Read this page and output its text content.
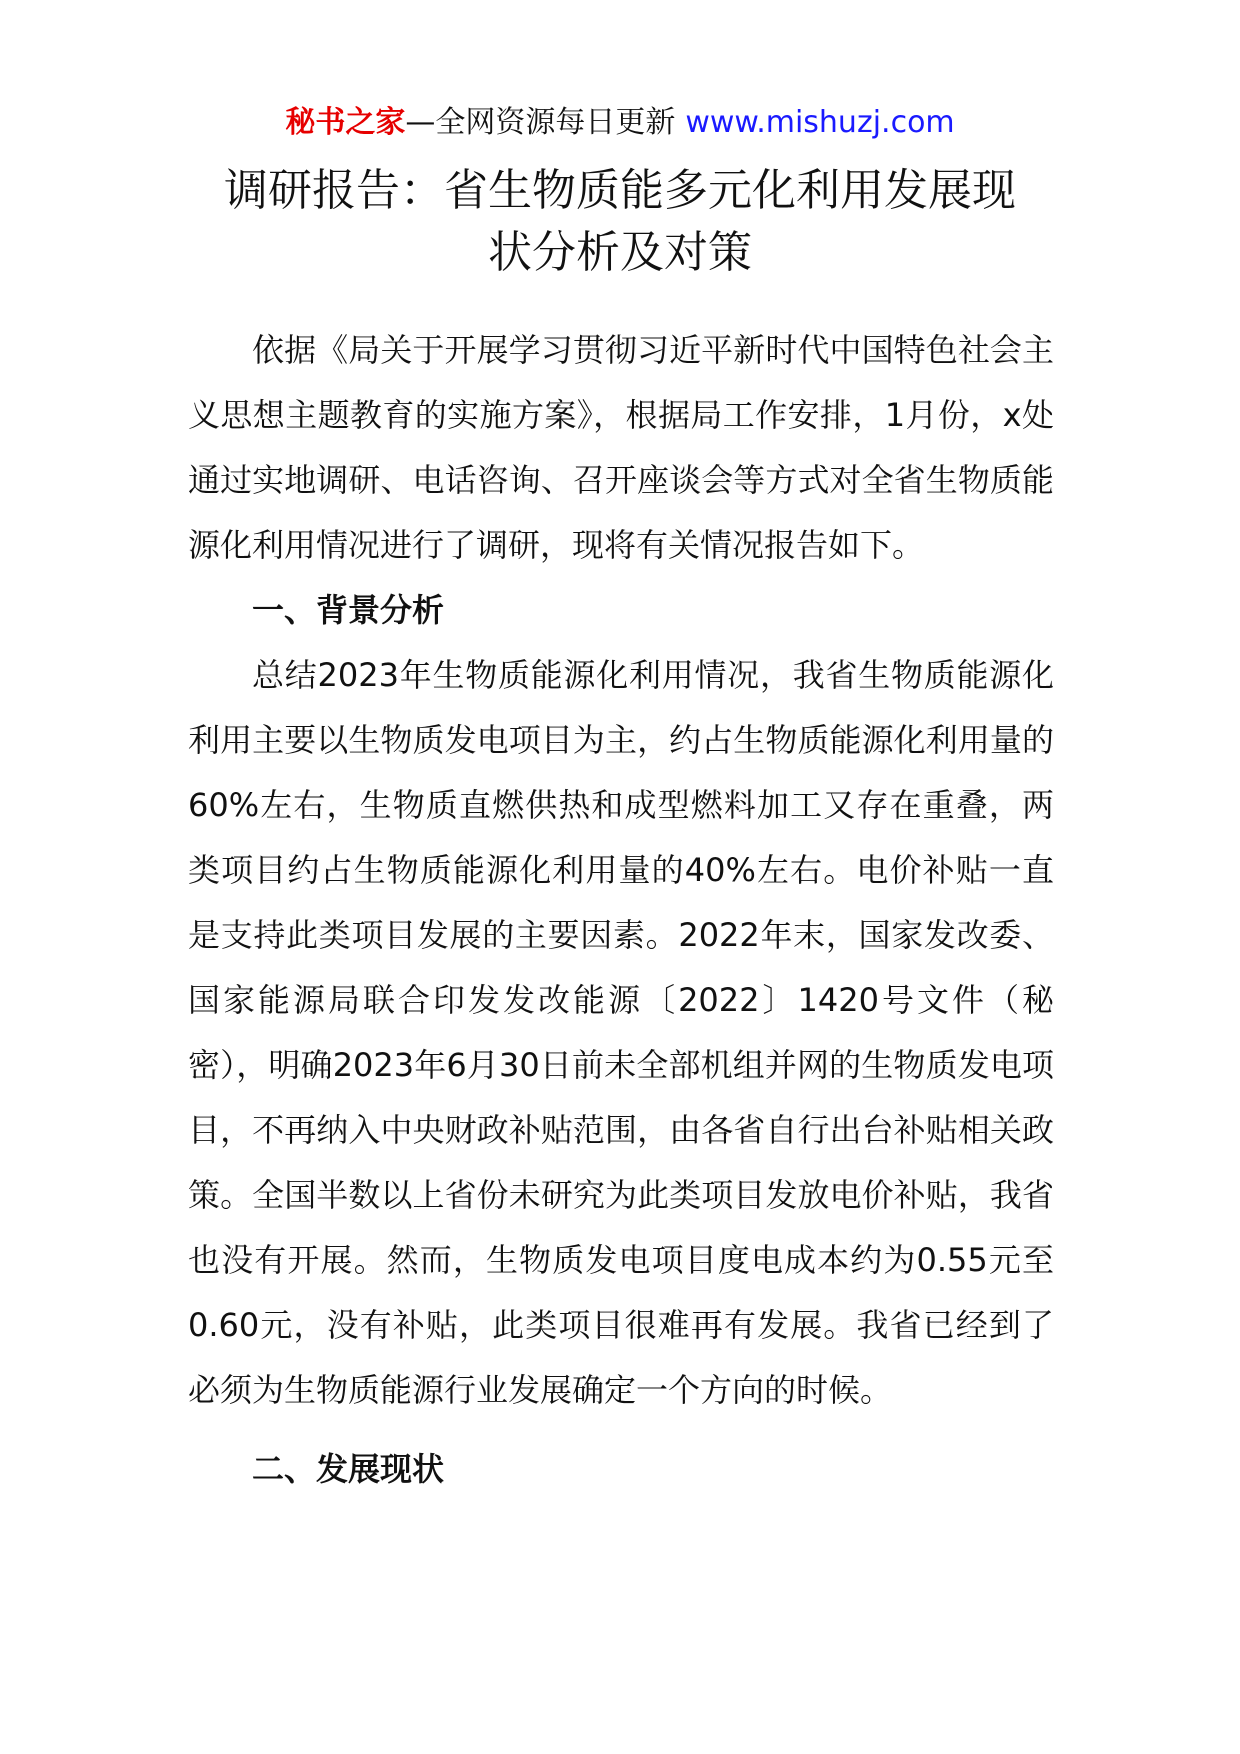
秘书之家—全网资源每日更新 www.mishuzj.com
调研报告：省生物质能多元化利用发展现
状分析及对策

依据《局关于开展学习贯彻习近平新时代中国特色社会主义思想主题教育的实施方案》，根据局工作安排，1月份，x处通过实地调研、电话咨询、召开座谈会等方式对全省生物质能源化利用情况进行了调研，现将有关情况报告如下。

一、背景分析

总结2023年生物质能源化利用情况，我省生物质能源化利用主要以生物质发电项目为主，约占生物质能源化利用量的60%左右，生物质直燃供热和成型燃料加工又存在重叠，两类项目约占生物质能源化利用量的40%左右。电价补贴一直是支持此类项目发展的主要因素。2022年末，国家发改委、国家能源局联合印发发改能源〔2022〕1420号文件（秘密），明确2023年6月30日前未全部机组并网的生物质发电项目，不再纳入中央财政补贴范围，由各省自行出台补贴相关政策。全国半数以上省份未研究为此类项目发放电价补贴，我省也没有开展。然而，生物质发电项目度电成本约为0.55元至0.60元，没有补贴，此类项目很难再有发展。我省已经到了必须为生物质能源行业发展确定一个方向的时候。

二、发展现状
